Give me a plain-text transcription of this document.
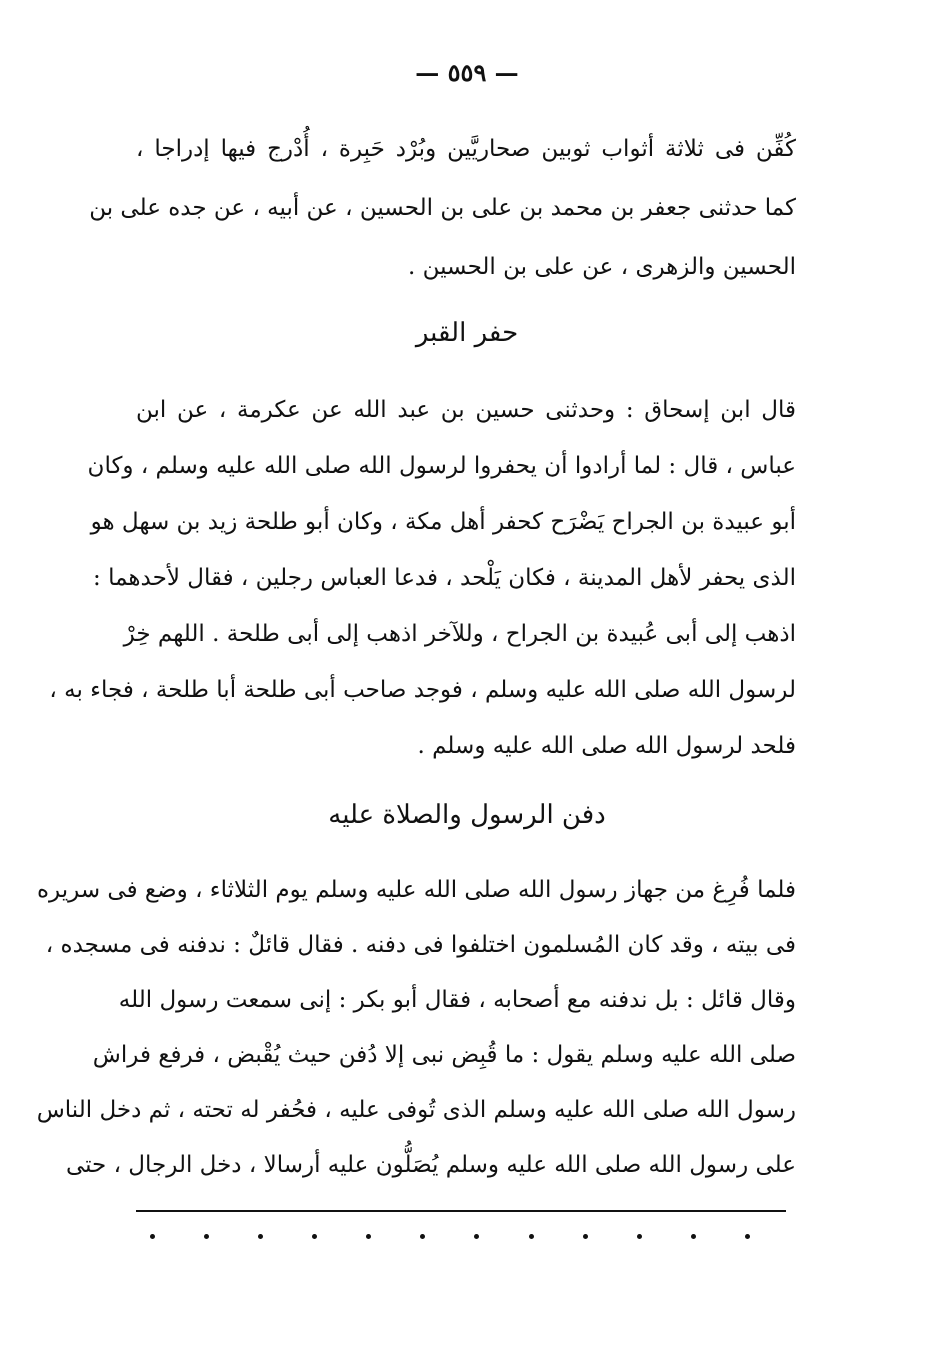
— ٥٥٩ —
كُفِّن فى ثلاثة أثواب ثوبين صحاريَّين وبُرْد حَبِرة ، أُدْرج فيها إدراجا ،
كما حدثنى جعفر بن محمد بن على بن الحسين ، عن أبيه ، عن جده على بن
الحسين والزهرى ، عن على بن الحسين .
حفر القبر
قال ابن إسحاق : وحدثنى حسين بن عبد الله عن عكرمة ، عن ابن
عباس ، قال : لما أرادوا أن يحفروا لرسول الله صلى الله عليه وسلم ، وكان
أبو عبيدة بن الجراح يَضْرَح كحفر أهل مكة ، وكان أبو طلحة زيد بن سهل هو
الذى يحفر لأهل المدينة ، فكان يَلْحد ، فدعا العباس رجلين ، فقال لأحدهما :
اذهب إلى أبى عُبيدة بن الجراح ، وللآخر اذهب إلى أبى طلحة . اللهم خِرْ
لرسول الله صلى الله عليه وسلم ، فوجد صاحب أبى طلحة أبا طلحة ، فجاء به ،
فلحد لرسول الله صلى الله عليه وسلم .
دفن الرسول والصلاة عليه
فلما فُرِغ من جهاز رسول الله صلى الله عليه وسلم يوم الثلاثاء ، وضع فى سريره
فى بيته ، وقد كان المُسلمون اختلفوا فى دفنه . فقال قائلٌ : ندفنه فى مسجده ،
وقال قائل : بل ندفنه مع أصحابه ، فقال أبو بكر : إنى سمعت رسول الله
صلى الله عليه وسلم يقول : ما قُبِض نبى إلا دُفن حيث يُقْبض ، فرفع فراش
رسول الله صلى الله عليه وسلم الذى تُوفى عليه ، فحُفر له تحته ، ثم دخل الناس
على رسول الله صلى الله عليه وسلم يُصَلُّون عليه أرسالا ، دخل الرجال ، حتى
